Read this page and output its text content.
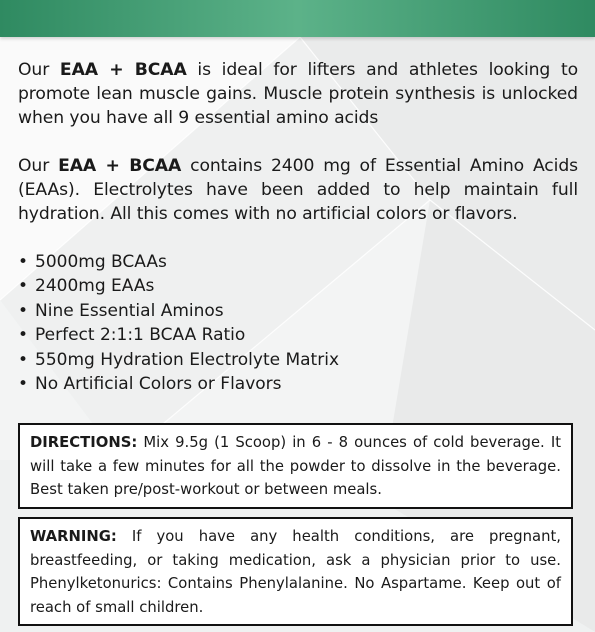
Our EAA + BCAA is ideal for lifters and athletes looking to promote lean muscle gains. Muscle protein synthesis is unlocked when you have all 9 essential amino acids

Our EAA + BCAA contains 2400 mg of Essential Amino Acids (EAAs). Electrolytes have been added to help maintain full hydration. All this comes with no artificial colors or flavors.

• 5000mg BCAAs
• 2400mg EAAs
• Nine Essential Aminos
• Perfect 2:1:1 BCAA Ratio
• 550mg Hydration Electrolyte Matrix
• No Artificial Colors or Flavors
DIRECTIONS: Mix 9.5g (1 Scoop) in 6 - 8 ounces of cold beverage. It will take a few minutes for all the powder to dissolve in the beverage. Best taken pre/post-workout or between meals.
WARNING: If you have any health conditions, are pregnant, breastfeeding, or taking medication, ask a physician prior to use. Phenylketonurics: Contains Phenylalanine. No Aspartame. Keep out of reach of small children.
